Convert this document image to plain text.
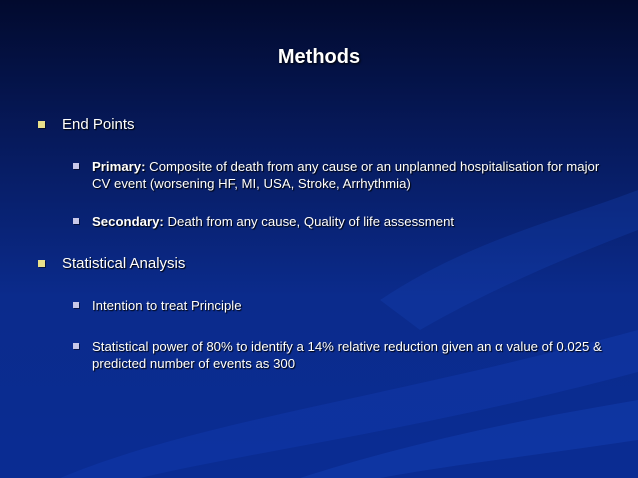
Methods
End Points
Primary: Composite of death from any cause or an unplanned hospitalisation for major CV event (worsening HF, MI, USA, Stroke, Arrhythmia)
Secondary: Death from any cause, Quality of life assessment
Statistical Analysis
Intention to treat Principle
Statistical power of 80% to identify a 14% relative reduction given an α value of 0.025 & predicted number of events as 300
